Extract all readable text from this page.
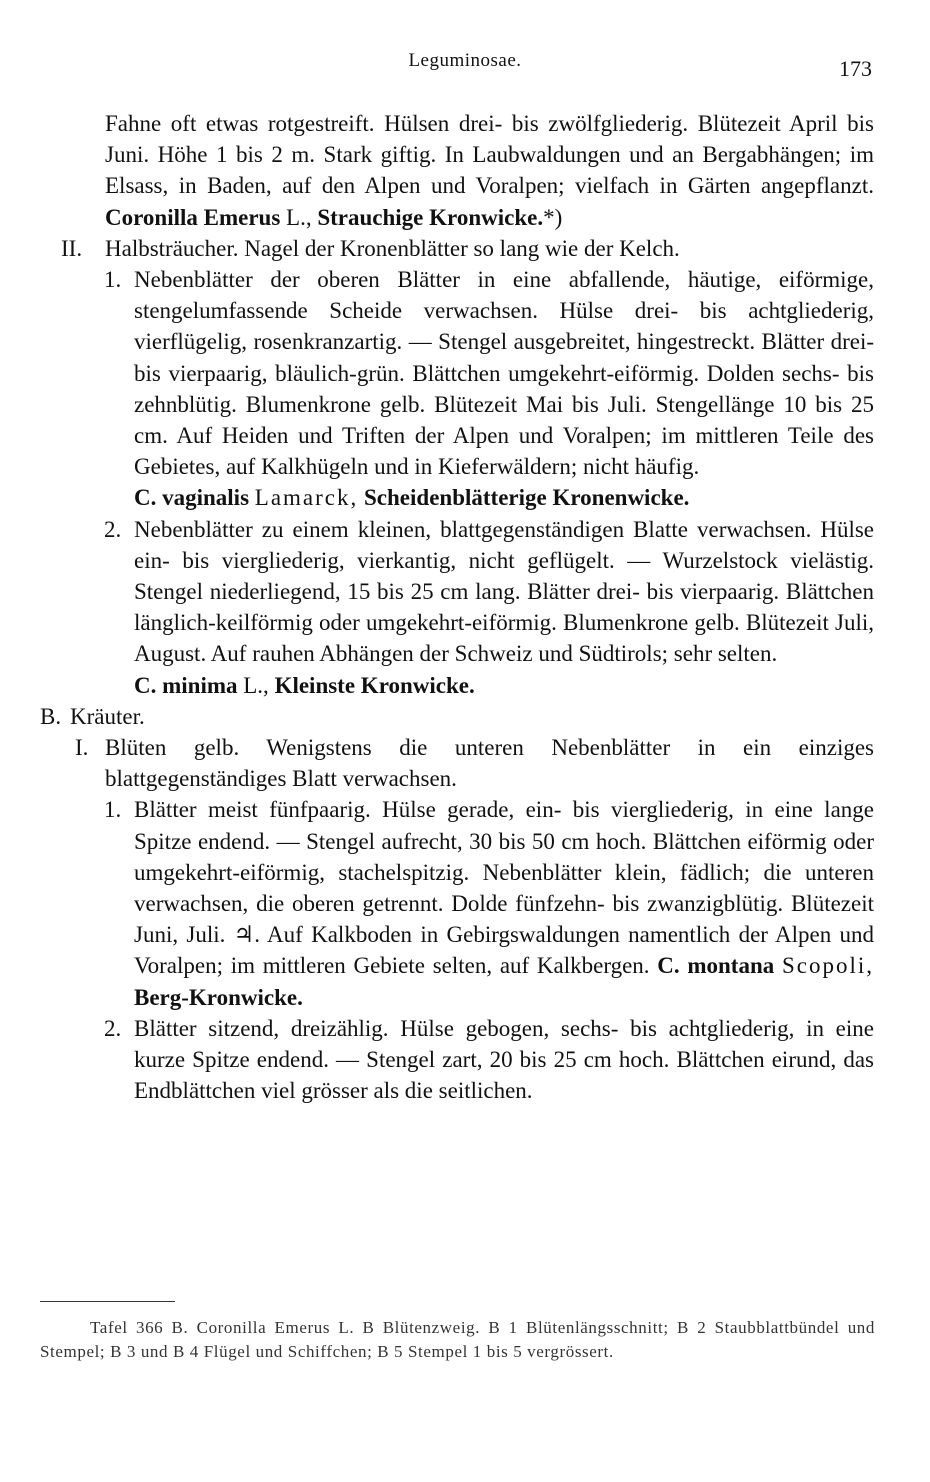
Leguminosae.	173

Fahne oft etwas rotgestreift. Hülsen drei- bis zwölfgliederig. Blütezeit April bis Juni. Höhe 1 bis 2 m. Stark giftig. In Laubwaldungen und an Bergabhängen; im Elsass, in Baden, auf den Alpen und Voralpen; vielfach in Gärten angepflanzt. Coronilla Emerus L., Strauchige Kronwicke.*)

II. Halbsträucher. Nagel der Kronenblätter so lang wie der Kelch.

1. Nebenblätter der oberen Blätter in eine abfallende, häutige, eiförmige, stengelumfassende Scheide verwachsen. Hülse drei- bis achtgliederig, vierflügelig, rosenkranzartig. — Stengel ausgebreitet, hingestreckt. Blätter drei- bis vierpaarig, bläulich-grün. Blättchen umgekehrt-eiförmig. Dolden sechs- bis zehnblütig. Blumenkrone gelb. Blütezeit Mai bis Juli. Stengellänge 10 bis 25 cm. Auf Heiden und Triften der Alpen und Voralpen; im mittleren Teile des Gebietes, auf Kalkhügeln und in Kieferwäldern; nicht häufig.
C. vaginalis Lamarck, Scheidenblätterige Kronenwicke.

2. Nebenblätter zu einem kleinen, blattgegenständigen Blatte verwachsen. Hülse ein- bis viergliederig, vierkantig, nicht geflügelt. — Wurzelstock vielästig. Stengel niederliegend, 15 bis 25 cm lang. Blätter drei- bis vierpaarig. Blättchen länglich-keilförmig oder umgekehrt-eiförmig. Blumenkrone gelb. Blütezeit Juli, August. Auf rauhen Abhängen der Schweiz und Südtirols; sehr selten.
C. minima L., Kleinste Kronwicke.

B. Kräuter.

I. Blüten gelb. Wenigstens die unteren Nebenblätter in ein einziges blattgegenständiges Blatt verwachsen.

1. Blätter meist fünfpaarig. Hülse gerade, ein- bis viergliederig, in eine lange Spitze endend. — Stengel aufrecht, 30 bis 50 cm hoch. Blättchen eiförmig oder umgekehrt-eiförmig, stachelspitzig. Nebenblätter klein, fädlich; die unteren verwachsen, die oberen getrennt. Dolde fünfzehn- bis zwanzigblütig. Blütezeit Juni, Juli. ♃. Auf Kalkboden in Gebirgswaldungen namentlich der Alpen und Voralpen; im mittleren Gebiete selten, auf Kalkbergen. C. montana Scopoli, Berg-Kronwicke.

2. Blätter sitzend, dreizählig. Hülse gebogen, sechs- bis achtgliederig, in eine kurze Spitze endend. — Stengel zart, 20 bis 25 cm hoch. Blättchen eirund, das Endblättchen viel grösser als die seitlichen.

Tafel 366 B. Coronilla Emerus L. B Blütenzweig. B 1 Blütenlängsschnitt; B 2 Staubblattbündel und Stempel; B 3 und B 4 Flügel und Schiffchen; B 5 Stempel 1 bis 5 vergrössert.
